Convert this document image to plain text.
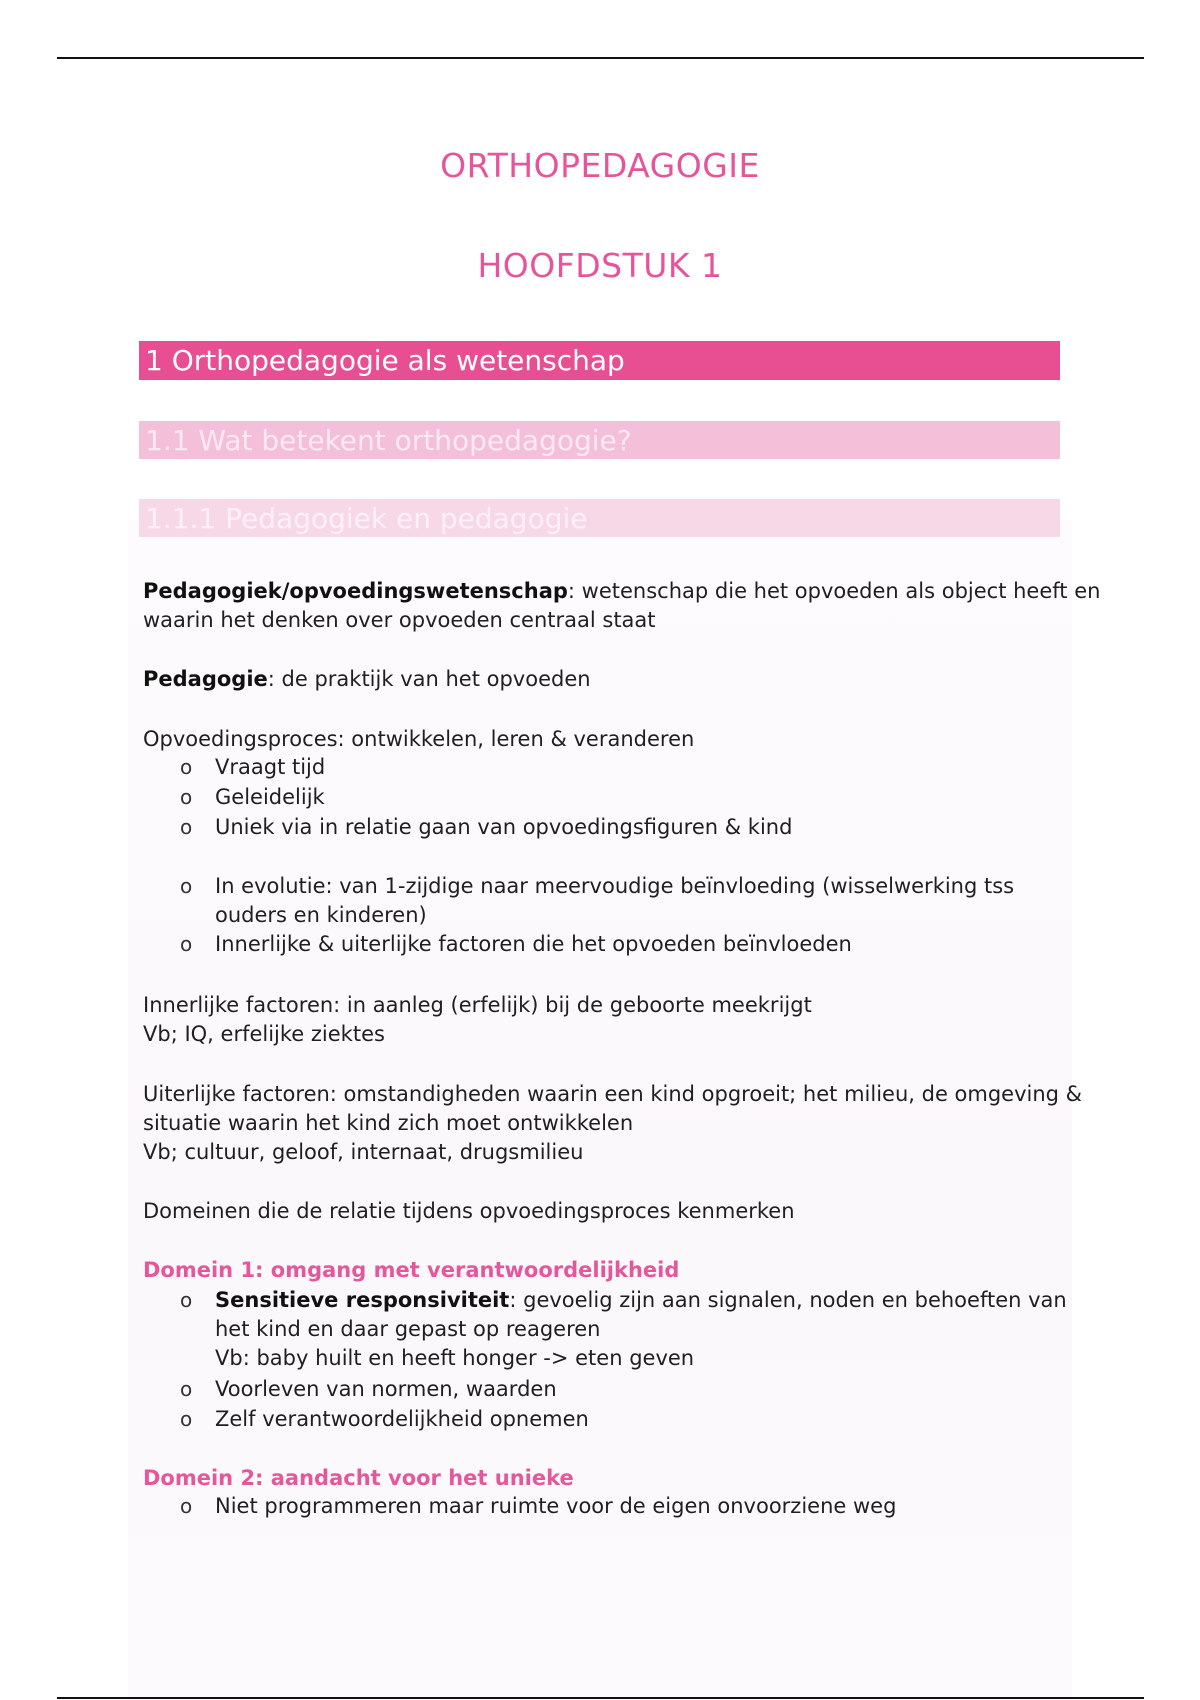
ORTHOPEDAGOGIE
HOOFDSTUK 1
1 Orthopedagogie als wetenschap
1.1 Wat betekent orthopedagogie?
1.1.1 Pedagogiek en pedagogie
Pedagogiek/opvoedingswetenschap: wetenschap die het opvoeden als object heeft en
waarin het denken over opvoeden centraal staat
Pedagogie: de praktijk van het opvoeden
Opvoedingsproces: ontwikkelen, leren & veranderen
o Vraagt tijd
o Geleidelijk
o Uniek via in relatie gaan van opvoedingsfiguren & kind
o In evolutie: van 1-zijdige naar meervoudige beïnvloeding (wisselwerking tss
ouders en kinderen)
o Innerlijke & uiterlijke factoren die het opvoeden beïnvloeden
Innerlijke factoren: in aanleg (erfelijk) bij de geboorte meekrijgt
Vb; IQ, erfelijke ziektes
Uiterlijke factoren: omstandigheden waarin een kind opgroeit; het milieu, de omgeving &
situatie waarin het kind zich moet ontwikkelen
Vb; cultuur, geloof, internaat, drugsmilieu
Domeinen die de relatie tijdens opvoedingsproces kenmerken
Domein 1: omgang met verantwoordelijkheid
o Sensitieve responsiviteit: gevoelig zijn aan signalen, noden en behoeften van
het kind en daar gepast op reageren
Vb: baby huilt en heeft honger -> eten geven
o Voorleven van normen, waarden
o Zelf verantwoordelijkheid opnemen
Domein 2: aandacht voor het unieke
o Niet programmeren maar ruimte voor de eigen onvoorziene weg
